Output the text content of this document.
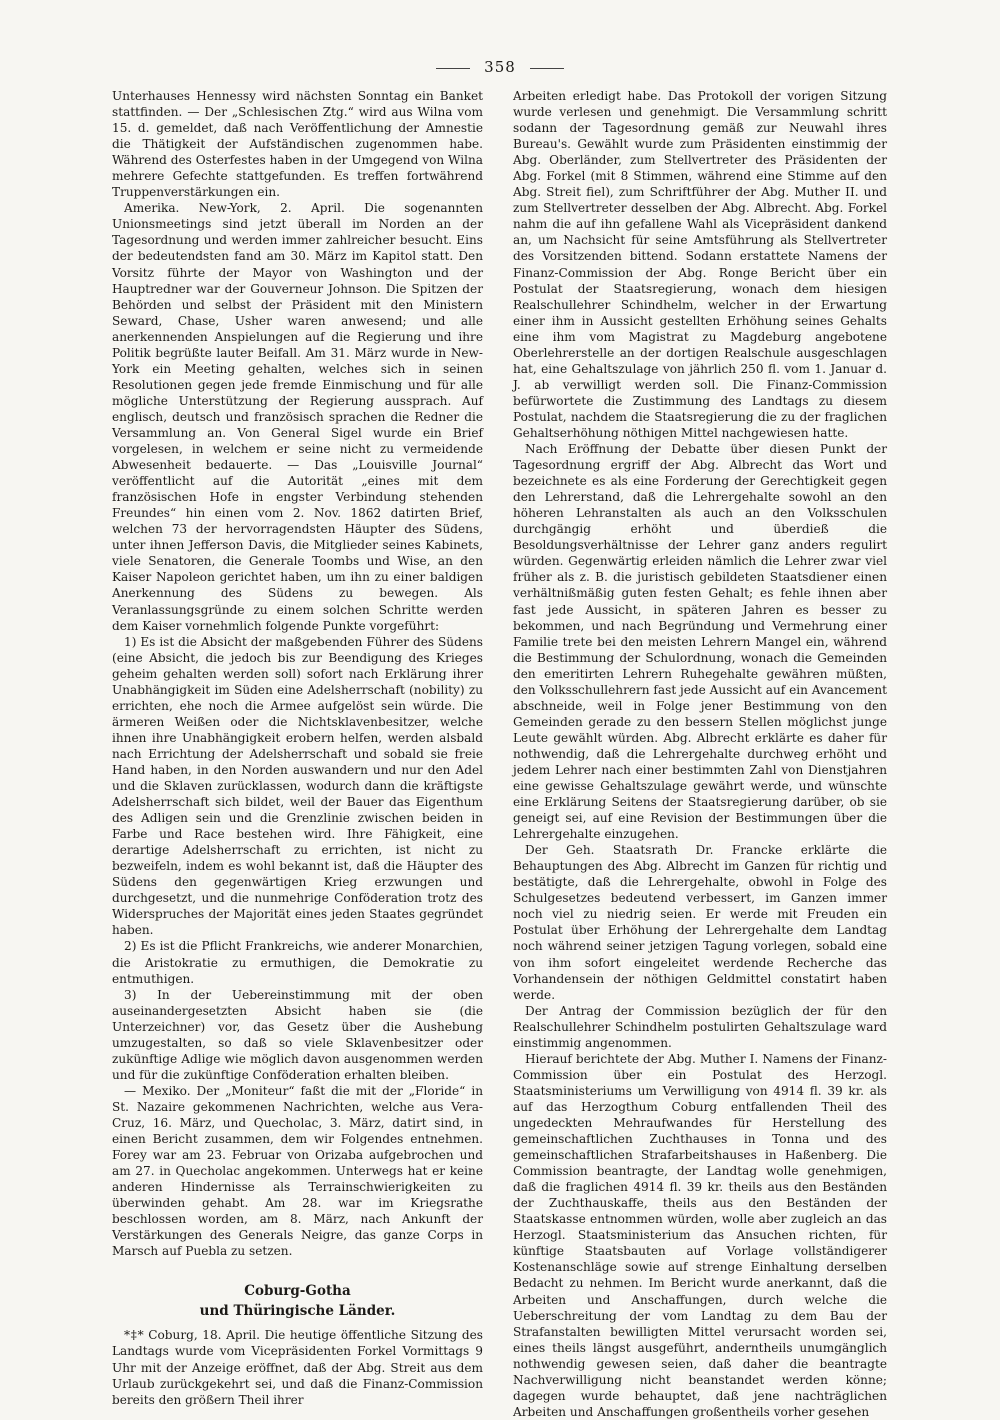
358

Unterhauses Hennessy wird nächsten Sonntag ein Banket stattfinden. — Der „Schlesischen Ztg.“ wird aus Wilna vom 15. d. gemeldet, daß nach Veröffentlichung der Amnestie die Thätigkeit der Aufständischen zugenommen habe. Während des Osterfestes haben in der Umgegend von Wilna mehrere Gefechte stattgefunden. Es treffen fortwährend Truppenverstärkungen ein.

Amerika. New-York, 2. April. Die sogenannten Unionsmeetings sind jetzt überall im Norden an der Tagesordnung und werden immer zahlreicher besucht. Eins der bedeutendsten fand am 30. März im Kapitol statt. Den Vorsitz führte der Mayor von Washington und der Hauptredner war der Gouverneur Johnson. Die Spitzen der Behörden und selbst der Präsident mit den Ministern Seward, Chase, Usher waren anwesend; und alle anerkennenden Anspielungen auf die Regierung und ihre Politik begrüßte lauter Beifall. Am 31. März wurde in New-York ein Meeting gehalten, welches sich in seinen Resolutionen gegen jede fremde Einmischung und für alle mögliche Unterstützung der Regierung aussprach. Auf englisch, deutsch und französisch sprachen die Redner die Versammlung an. Von General Sigel wurde ein Brief vorgelesen, in welchem er seine nicht zu vermeidende Abwesenheit bedauerte. — Das „Louisville Journal“ veröffentlicht auf die Autorität „eines mit dem französischen Hofe in engster Verbindung stehenden Freundes“ hin einen vom 2. Nov. 1862 datirten Brief, welchen 73 der hervorragendsten Häupter des Südens, unter ihnen Jefferson Davis, die Mitglieder seines Kabinets, viele Senatoren, die Generale Toombs und Wise, an den Kaiser Napoleon gerichtet haben, um ihn zu einer baldigen Anerkennung des Südens zu bewegen. Als Veranlassungsgründe zu einem solchen Schritte werden dem Kaiser vornehmlich folgende Punkte vorgeführt:

1) Es ist die Absicht der maßgebenden Führer des Südens (eine Absicht, die jedoch bis zur Beendigung des Krieges geheim gehalten werden soll) sofort nach Erklärung ihrer Unabhängigkeit im Süden eine Adelsherrschaft (nobility) zu errichten, ehe noch die Armee aufgelöst sein würde. Die ärmeren Weißen oder die Nichtsklavenbesitzer, welche ihnen ihre Unabhängigkeit erobern helfen, werden alsbald nach Errichtung der Adelsherrschaft und sobald sie freie Hand haben, in den Norden auswandern und nur den Adel und die Sklaven zurücklassen, wodurch dann die kräftigste Adelsherrschaft sich bildet, weil der Bauer das Eigenthum des Adligen sein und die Grenzlinie zwischen beiden in Farbe und Race bestehen wird. Ihre Fähigkeit, eine derartige Adelsherrschaft zu errichten, ist nicht zu bezweifeln, indem es wohl bekannt ist, daß die Häupter des Südens den gegenwärtigen Krieg erzwungen und durchgesetzt, und die nunmehrige Conföderation trotz des Widerspruches der Majorität eines jeden Staates gegründet haben.

2) Es ist die Pflicht Frankreichs, wie anderer Monarchien, die Aristokratie zu ermuthigen, die Demokratie zu entmuthigen.

3) In der Uebereinstimmung mit der oben auseinandergesetzten Absicht haben sie (die Unterzeichner) vor, das Gesetz über die Aushebung umzugestalten, so daß so viele Sklavenbesitzer oder zukünftige Adlige wie möglich davon ausgenommen werden und für die zukünftige Conföderation erhalten bleiben.

— Mexiko. Der „Moniteur“ faßt die mit der „Floride“ in St. Nazaire gekommenen Nachrichten, welche aus Vera-Cruz, 16. März, und Quecholac, 3. März, datirt sind, in einen Bericht zusammen, dem wir Folgendes entnehmen. Forey war am 23. Februar von Orizaba aufgebrochen und am 27. in Quecholac angekommen. Unterwegs hat er keine anderen Hindernisse als Terrainschwierigkeiten zu überwinden gehabt. Am 28. war im Kriegsrathe beschlossen worden, am 8. März, nach Ankunft der Verstärkungen des Generals Neigre, das ganze Corps in Marsch auf Puebla zu setzen.

Coburg-Gotha
und Thüringische Länder.

*‡* Coburg, 18. April. Die heutige öffentliche Sitzung des Landtags wurde vom Vicepräsidenten Forkel Vormittags 9 Uhr mit der Anzeige eröffnet, daß der Abg. Streit aus dem Urlaub zurückgekehrt sei, und daß die Finanz-Commission bereits den größern Theil ihrer

Arbeiten erledigt habe. Das Protokoll der vorigen Sitzung wurde verlesen und genehmigt. Die Versammlung schritt sodann der Tagesordnung gemäß zur Neuwahl ihres Bureau's. Gewählt wurde zum Präsidenten einstimmig der Abg. Oberländer, zum Stellvertreter des Präsidenten der Abg. Forkel (mit 8 Stimmen, während eine Stimme auf den Abg. Streit fiel), zum Schriftführer der Abg. Muther II. und zum Stellvertreter desselben der Abg. Albrecht. Abg. Forkel nahm die auf ihn gefallene Wahl als Vicepräsident dankend an, um Nachsicht für seine Amtsführung als Stellvertreter des Vorsitzenden bittend. Sodann erstattete Namens der Finanz-Commission der Abg. Ronge Bericht über ein Postulat der Staatsregierung, wonach dem hiesigen Realschullehrer Schindhelm, welcher in der Erwartung einer ihm in Aussicht gestellten Erhöhung seines Gehalts eine ihm vom Magistrat zu Magdeburg angebotene Oberlehrerstelle an der dortigen Realschule ausgeschlagen hat, eine Gehaltszulage von jährlich 250 fl. vom 1. Januar d. J. ab verwilligt werden soll. Die Finanz-Commission befürwortete die Zustimmung des Landtags zu diesem Postulat, nachdem die Staatsregierung die zu der fraglichen Gehaltserhöhung nöthigen Mittel nachgewiesen hatte.

Nach Eröffnung der Debatte über diesen Punkt der Tagesordnung ergriff der Abg. Albrecht das Wort und bezeichnete es als eine Forderung der Gerechtigkeit gegen den Lehrerstand, daß die Lehrergehalte sowohl an den höheren Lehranstalten als auch an den Volksschulen durchgängig erhöht und überdieß die Besoldungsverhältnisse der Lehrer ganz anders regulirt würden. Gegenwärtig erleiden nämlich die Lehrer zwar viel früher als z. B. die juristisch gebildeten Staatsdiener einen verhältnißmäßig guten festen Gehalt; es fehle ihnen aber fast jede Aussicht, in späteren Jahren es besser zu bekommen, und nach Begründung und Vermehrung einer Familie trete bei den meisten Lehrern Mangel ein, während die Bestimmung der Schulordnung, wonach die Gemeinden den emeritirten Lehrern Ruhegehalte gewähren müßten, den Volksschullehrern fast jede Aussicht auf ein Avancement abschneide, weil in Folge jener Bestimmung von den Gemeinden gerade zu den bessern Stellen möglichst junge Leute gewählt würden. Abg. Albrecht erklärte es daher für nothwendig, daß die Lehrergehalte durchweg erhöht und jedem Lehrer nach einer bestimmten Zahl von Dienstjahren eine gewisse Gehaltszulage gewährt werde, und wünschte eine Erklärung Seitens der Staatsregierung darüber, ob sie geneigt sei, auf eine Revision der Bestimmungen über die Lehrergehalte einzugehen.

Der Geh. Staatsrath Dr. Francke erklärte die Behauptungen des Abg. Albrecht im Ganzen für richtig und bestätigte, daß die Lehrergehalte, obwohl in Folge des Schulgesetzes bedeutend verbessert, im Ganzen immer noch viel zu niedrig seien. Er werde mit Freuden ein Postulat über Erhöhung der Lehrergehalte dem Landtag noch während seiner jetzigen Tagung vorlegen, sobald eine von ihm sofort eingeleitet werdende Recherche das Vorhandensein der nöthigen Geldmittel constatirt haben werde.

Der Antrag der Commission bezüglich der für den Realschullehrer Schindhelm postulirten Gehaltszulage ward einstimmig angenommen.

Hierauf berichtete der Abg. Muther I. Namens der Finanz-Commission über ein Postulat des Herzogl. Staatsministeriums um Verwilligung von 4914 fl. 39 kr. als auf das Herzogthum Coburg entfallenden Theil des ungedeckten Mehraufwandes für Herstellung des gemeinschaftlichen Zuchthauses in Tonna und des gemeinschaftlichen Strafarbeitshauses in Haßenberg. Die Commission beantragte, der Landtag wolle genehmigen, daß die fraglichen 4914 fl. 39 kr. theils aus den Beständen der Zuchthauskaffe, theils aus den Beständen der Staatskasse entnommen würden, wolle aber zugleich an das Herzogl. Staatsministerium das Ansuchen richten, für künftige Staatsbauten auf Vorlage vollständigerer Kostenanschläge sowie auf strenge Einhaltung derselben Bedacht zu nehmen. Im Bericht wurde anerkannt, daß die Arbeiten und Anschaffungen, durch welche die Ueberschreitung der vom Landtag zu dem Bau der Strafanstalten bewilligten Mittel verursacht worden sei, eines theils längst ausgeführt, anderntheils unumgänglich nothwendig gewesen seien, daß daher die beantragte Nachverwilligung nicht beanstandet werden könne; dagegen wurde behauptet, daß jene nachträglichen Arbeiten und Anschaffungen großentheils vorher gesehen
